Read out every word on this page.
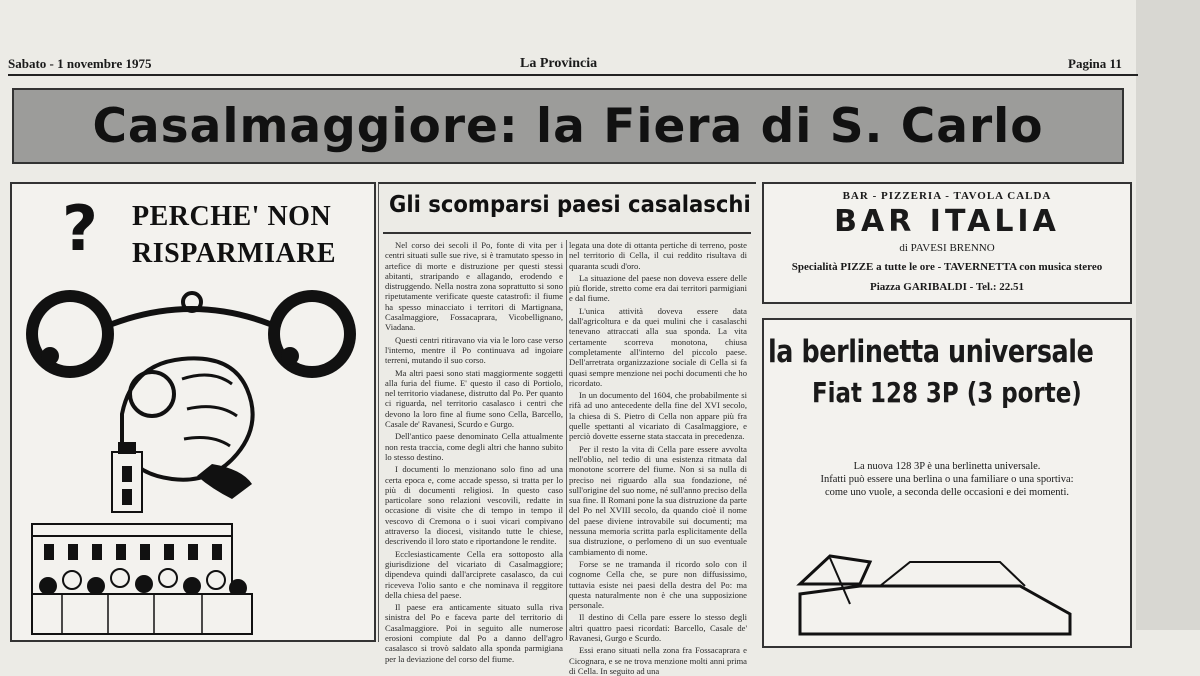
Sabato - 1 novembre 1975	La Provincia	Pagina 11
Casalmaggiore: la Fiera di S. Carlo
? PERCHE' NON
RISPARMIARE
Gli scomparsi paesi casalaschi

Nel corso dei secoli il Po, fonte di vita per i centri situati sulle sue rive, si è tramutato spesso in artefice di morte e distruzione per questi stessi abitanti, straripando e allagando, erodendo e distruggendo. Nella nostra zona soprattutto si sono ripetutamente verificate queste catastrofi: il fiume ha spesso minacciato i territori di Martignana, Casalmaggiore, Fossacaprara, Vicobellignano, Viadana.

Questi centri ritiravano via via le loro case verso l'interno, mentre il Po continuava ad ingoiare terreni, mutando il suo corso.

Ma altri paesi sono stati maggiormente soggetti alla furia del fiume. E' questo il caso di Portiolo, nel territorio viadanese, distrutto dal Po. Per quanto ci riguarda, nel territorio casalasco i centri che devono la loro fine al fiume sono Cella, Barcello, Casale de' Ravanesi, Scurdo e Gurgo.

Dell'antico paese denominato Cella attualmente non resta traccia, come degli altri che hanno subito lo stesso destino.

I documenti lo menzionano solo fino ad una certa epoca e, come accade spesso, si tratta per lo più di documenti religiosi. In questo caso particolare sono relazioni vescovili, redatte in occasione di visite che di tempo in tempo il vescovo di Cremona o i suoi vicari compivano attraverso la diocesi, visitando tutte le chiese, descrivendo il loro stato e riportandone le rendite.

Ecclesiasticamente Cella era sottoposto alla giurisdizione del vicariato di Casalmaggiore; dipendeva quindi dall'arciprete casalasco, da cui riceveva l'olio santo e che nominava il reggitore della chiesa del paese.

Il paese era anticamente situato sulla riva sinistra del Po e faceva parte del territorio di Casalmaggiore. Poi in seguito alle numerose erosioni compiute dal Po a danno dell'agro casalasco si trovò saldato alla sponda parmigiana per la deviazione del corso del fiume.

legata una dote di ottanta pertiche di terreno, poste nel territorio di Cella, il cui reddito risultava di quaranta scudi d'oro.

La situazione del paese non doveva essere delle più floride, stretto come era dai territori parmigiani e dal fiume.

L'unica attività doveva essere data dall'agricoltura e da quei mulini che i casalaschi tenevano attraccati alla sua sponda. La vita certamente scorreva monotona, chiusa completamente all'interno del piccolo paese. Dell'arretrata organizzazione sociale di Cella si fa quasi sempre menzione nei pochi documenti che ho ricordato.

In un documento del 1604, che probabilmente si rifà ad uno antecedente della fine del XVI secolo, la chiesa di S. Pietro di Cella non appare più fra quelle spettanti al vicariato di Casalmaggiore, e perciò dovette esserne stata staccata in precedenza.

Per il resto la vita di Cella pare essere avvolta nell'oblio, nel tedio di una esistenza ritmata dal monotone scorrere del fiume. Non si sa nulla di preciso nei riguardo alla sua fondazione, né sull'origine del suo nome, né sull'anno preciso della sua fine. Il Romani pone la sua distruzione da parte del Po nel XVIII secolo, da quando cioè il nome del paese diviene introvabile sui documenti; ma nessuna memoria scritta parla esplicitamente della sua distruzione, o perlomeno di un suo eventuale cambiamento di nome.

Forse se ne tramanda il ricordo solo con il cognome Cella che, se pure non diffusissimo, tuttavia esiste nei paesi della destra del Po: ma questa naturalmente non è che una supposizione personale.

Il destino di Cella pare essere lo stesso degli altri quattro paesi ricordati: Barcello, Casale de' Ravanesi, Gurgo e Scurdo.

Essi erano situati nella zona fra Fossacaprara e Cicognara, e se ne trova menzione molti anni prima di Cella. In seguito ad una

BAR - PIZZERIA - TAVOLA CALDA
BAR ITALIA
di PAVESI BRENNO
Specialità PIZZE a tutte le ore - TAVERNETTA con musica stereo
Piazza GARIBALDI - Tel.: 22.51
la berlinetta universale
Fiat 128 3P (3 porte)
La nuova 128 3P è una berlinetta universale.
Infatti può essere una berlina o una familiare o una sportiva:
come uno vuole, a seconda delle occasioni e dei momenti.
